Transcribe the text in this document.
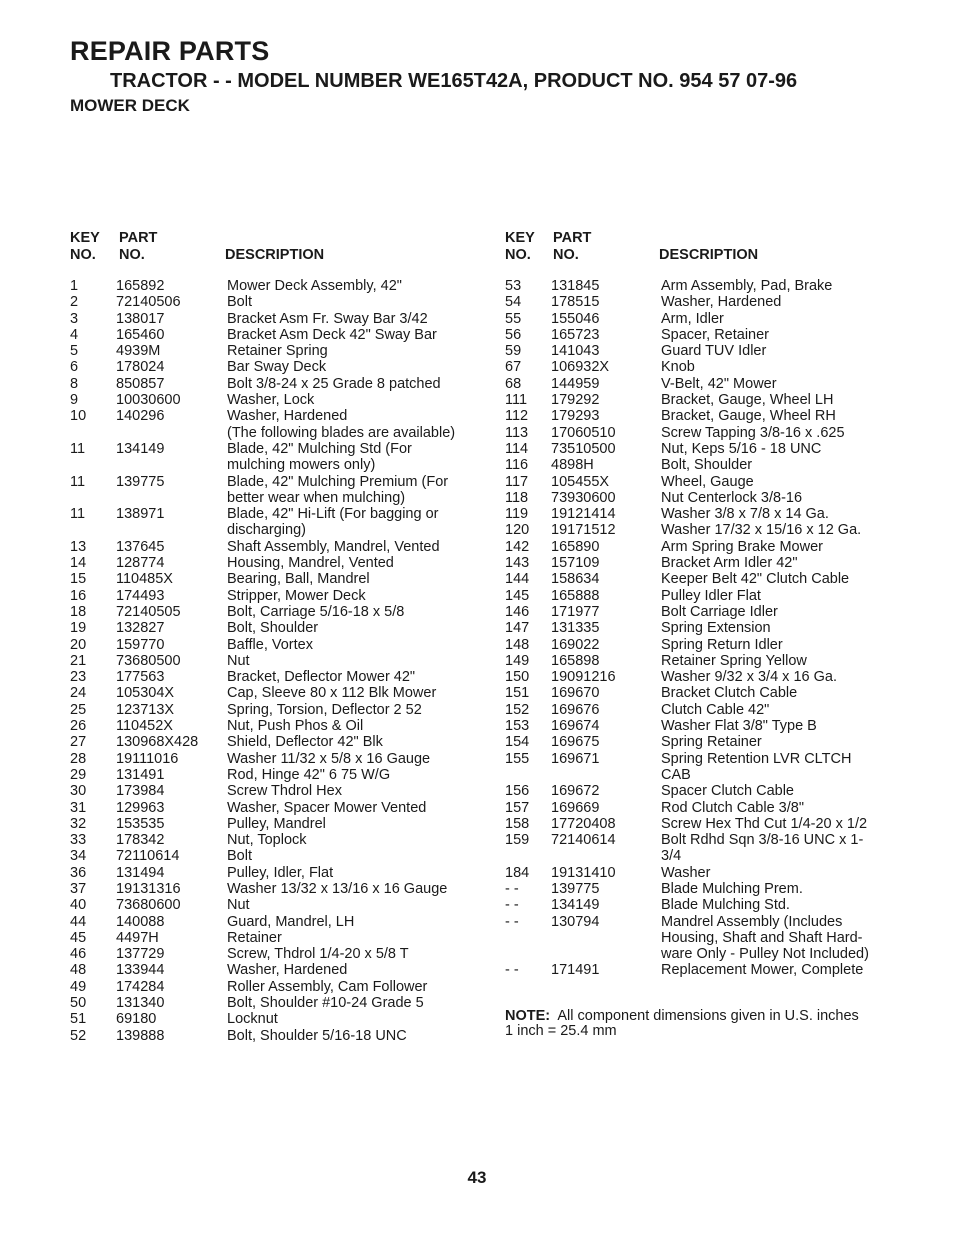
REPAIR PARTS
TRACTOR - - MODEL NUMBER WE165T42A, PRODUCT NO. 954 57 07-96
MOWER DECK
KEY
NO.
PART
NO.	DESCRIPTION
1	165892	Mower Deck Assembly, 42"
2	72140506	Bolt
3	138017	Bracket Asm Fr. Sway Bar 3/42
4	165460	Bracket Asm Deck 42" Sway Bar
5	4939M	Retainer Spring
6	178024	Bar Sway Deck
8	850857	Bolt 3/8-24 x 25 Grade 8 patched
9	10030600	Washer, Lock
10	140296	Washer, Hardened
(The following blades are available)
11	134149	Blade, 42" Mulching Std (For
mulching mowers only)
11	139775	Blade, 42" Mulching Premium (For
better wear when mulching)
11	138971	Blade, 42" Hi-Lift (For bagging or
discharging)
13	137645	Shaft Assembly, Mandrel, Vented
14	128774	Housing, Mandrel, Vented
15	110485X	Bearing, Ball, Mandrel
16	174493	Stripper, Mower Deck
18	72140505	Bolt, Carriage 5/16-18 x 5/8
19	132827	Bolt, Shoulder
20	159770	Baffle, Vortex
21	73680500	Nut
23	177563	Bracket, Deflector Mower 42"
24	105304X	Cap, Sleeve 80 x 112 Blk Mower
25	123713X	Spring, Torsion, Deflector 2 52
26	110452X	Nut, Push Phos & Oil
27	130968X428	Shield, Deflector 42" Blk
28	19111016	Washer 11/32 x 5/8 x 16 Gauge
29	131491	Rod, Hinge 42" 6 75 W/G
30	173984	Screw Thdrol Hex
31	129963	Washer, Spacer Mower Vented
32	153535	Pulley, Mandrel
33	178342	Nut, Toplock
34	72110614	Bolt
36	131494	Pulley, Idler, Flat
37	19131316	Washer 13/32 x 13/16 x 16 Gauge
40	73680600	Nut
44	140088	Guard, Mandrel, LH
45	4497H	Retainer
46	137729	Screw, Thdrol 1/4-20 x 5/8 T
48	133944	Washer, Hardened
49	174284	Roller Assembly, Cam Follower
50	131340	Bolt, Shoulder #10-24 Grade 5
51	69180	Locknut
52	139888	Bolt, Shoulder 5/16-18 UNC
KEY
NO.
PART
NO.	DESCRIPTION
53	131845	Arm Assembly, Pad, Brake
54	178515	Washer, Hardened
55	155046	Arm, Idler
56	165723	Spacer, Retainer
59	141043	Guard TUV Idler
67	106932X	Knob
68	144959	V-Belt, 42" Mower
111	179292	Bracket, Gauge, Wheel LH
112	179293	Bracket, Gauge, Wheel RH
113	17060510	Screw Tapping 3/8-16 x .625
114	73510500	Nut, Keps 5/16 - 18 UNC
116	4898H	Bolt, Shoulder
117	105455X	Wheel, Gauge
118	73930600	Nut Centerlock 3/8-16
119	19121414	Washer 3/8 x 7/8 x 14 Ga.
120	19171512	Washer 17/32 x 15/16 x 12 Ga.
142	165890	Arm Spring Brake Mower
143	157109	Bracket Arm Idler 42"
144	158634	Keeper Belt 42" Clutch Cable
145	165888	Pulley Idler Flat
146	171977	Bolt Carriage Idler
147	131335	Spring Extension
148	169022	Spring Return Idler
149	165898	Retainer Spring Yellow
150	19091216	Washer 9/32 x 3/4 x 16 Ga.
151	169670	Bracket Clutch Cable
152	169676	Clutch Cable 42"
153	169674	Washer Flat 3/8" Type B
154	169675	Spring Retainer
155	169671	Spring Retention LVR CLTCH
CAB
156	169672	Spacer Clutch Cable
157	169669	Rod Clutch Cable 3/8"
158	17720408	Screw Hex Thd Cut 1/4-20 x 1/2
159	72140614	Bolt Rdhd Sqn 3/8-16 UNC x 1-
3/4
184	19131410	Washer
- -	139775	Blade Mulching Prem.
- -	134149	Blade Mulching Std.
- -	130794	Mandrel Assembly (Includes
Housing, Shaft and Shaft Hard-
ware Only - Pulley Not Included)
- -	171491	Replacement Mower, Complete
NOTE: All component dimensions given in U.S. inches
1 inch = 25.4 mm
43
